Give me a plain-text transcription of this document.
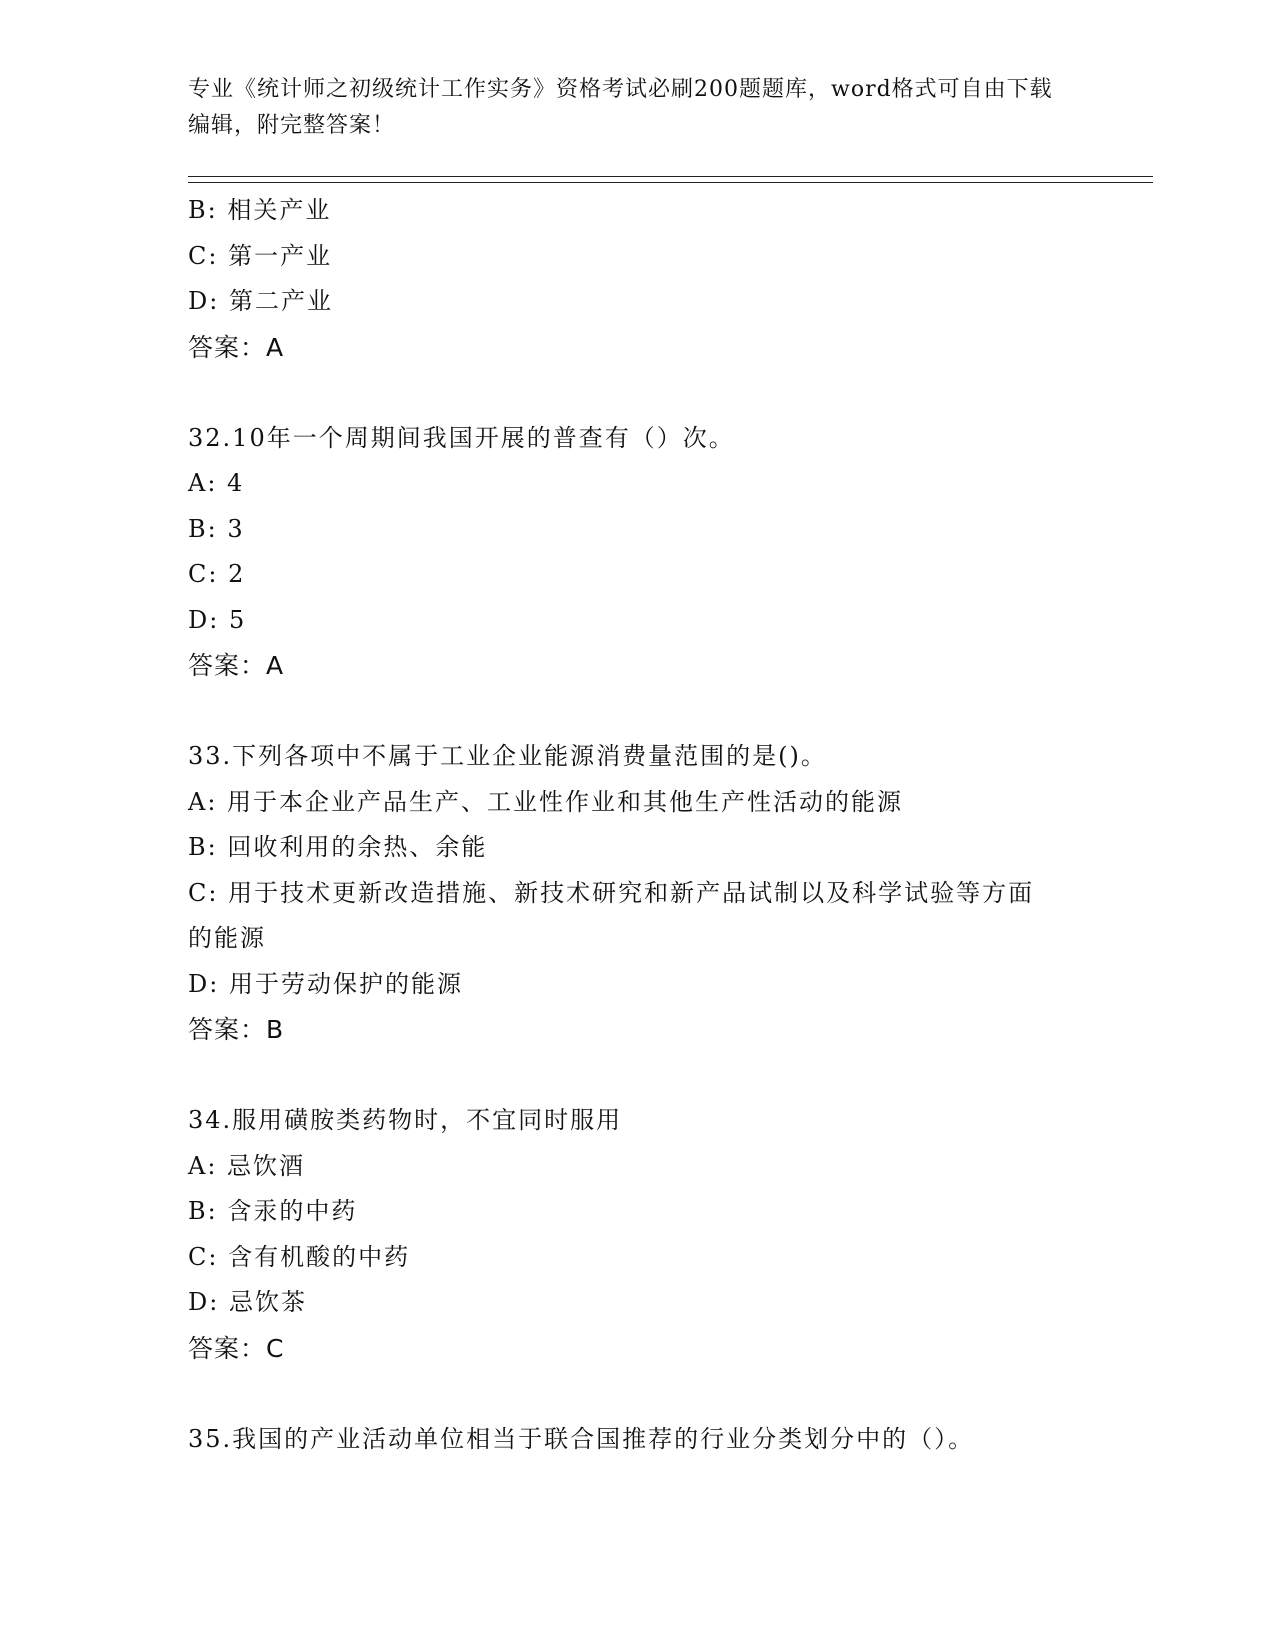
专业《统计师之初级统计工作实务》资格考试必刷200题题库，word格式可自由下载编辑，附完整答案！
B: 相关产业
C: 第一产业
D: 第二产业
答案：A
32.10年一个周期间我国开展的普查有（）次。
A: 4
B: 3
C: 2
D: 5
答案：A
33.下列各项中不属于工业企业能源消费量范围的是()。
A: 用于本企业产品生产、工业性作业和其他生产性活动的能源
B: 回收利用的余热、余能
C: 用于技术更新改造措施、新技术研究和新产品试制以及科学试验等方面的能源
D: 用于劳动保护的能源
答案：B
34.服用磺胺类药物时，不宜同时服用
A: 忌饮酒
B: 含汞的中药
C: 含有机酸的中药
D: 忌饮茶
答案：C
35.我国的产业活动单位相当于联合国推荐的行业分类划分中的（）。
